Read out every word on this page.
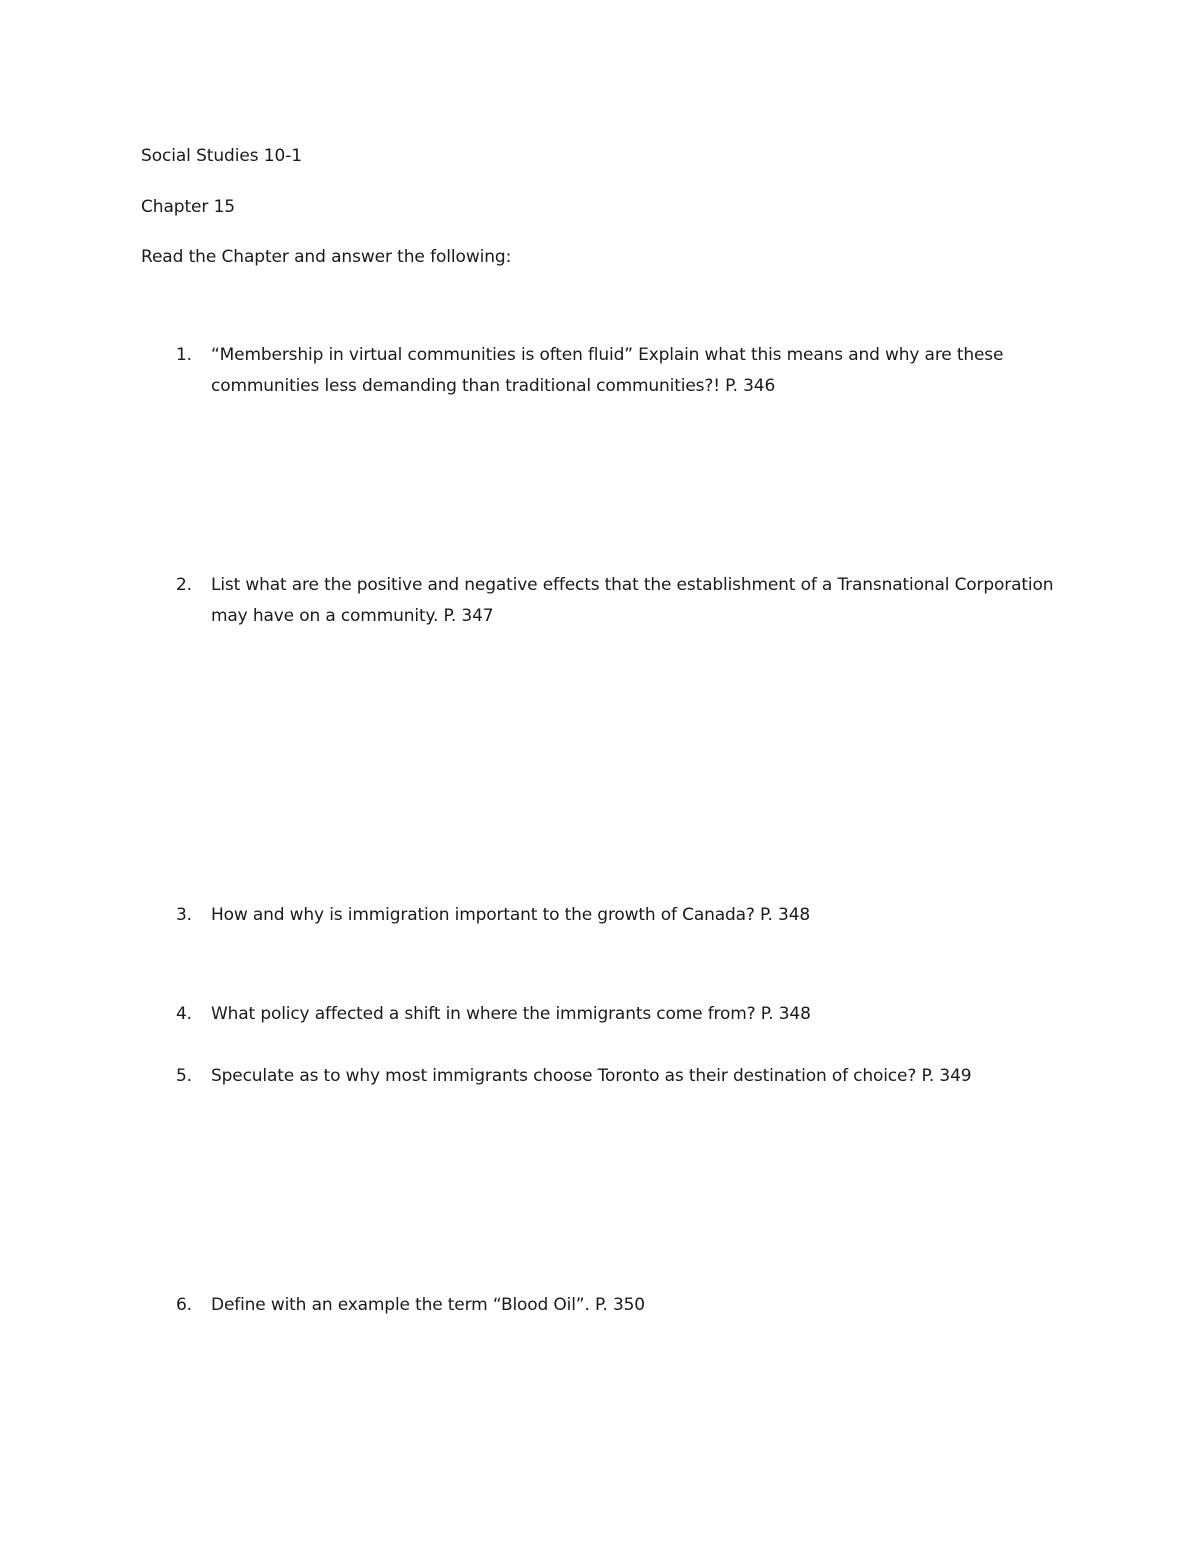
Social Studies 10-1
Chapter 15
Read the Chapter and answer the following:
1.	“Membership in virtual communities is often fluid” Explain what this means and why are these communities less demanding than traditional communities?! P. 346
2.	List what are the positive and negative effects that the establishment of a Transnational Corporation may have on a community. P. 347
3.	How and why is immigration important to the growth of Canada? P. 348
4.	What policy affected a shift in where the immigrants come from? P. 348
5.	Speculate as to why most immigrants choose Toronto as their destination of choice? P. 349
6.	Define with an example the term “Blood Oil”. P. 350
